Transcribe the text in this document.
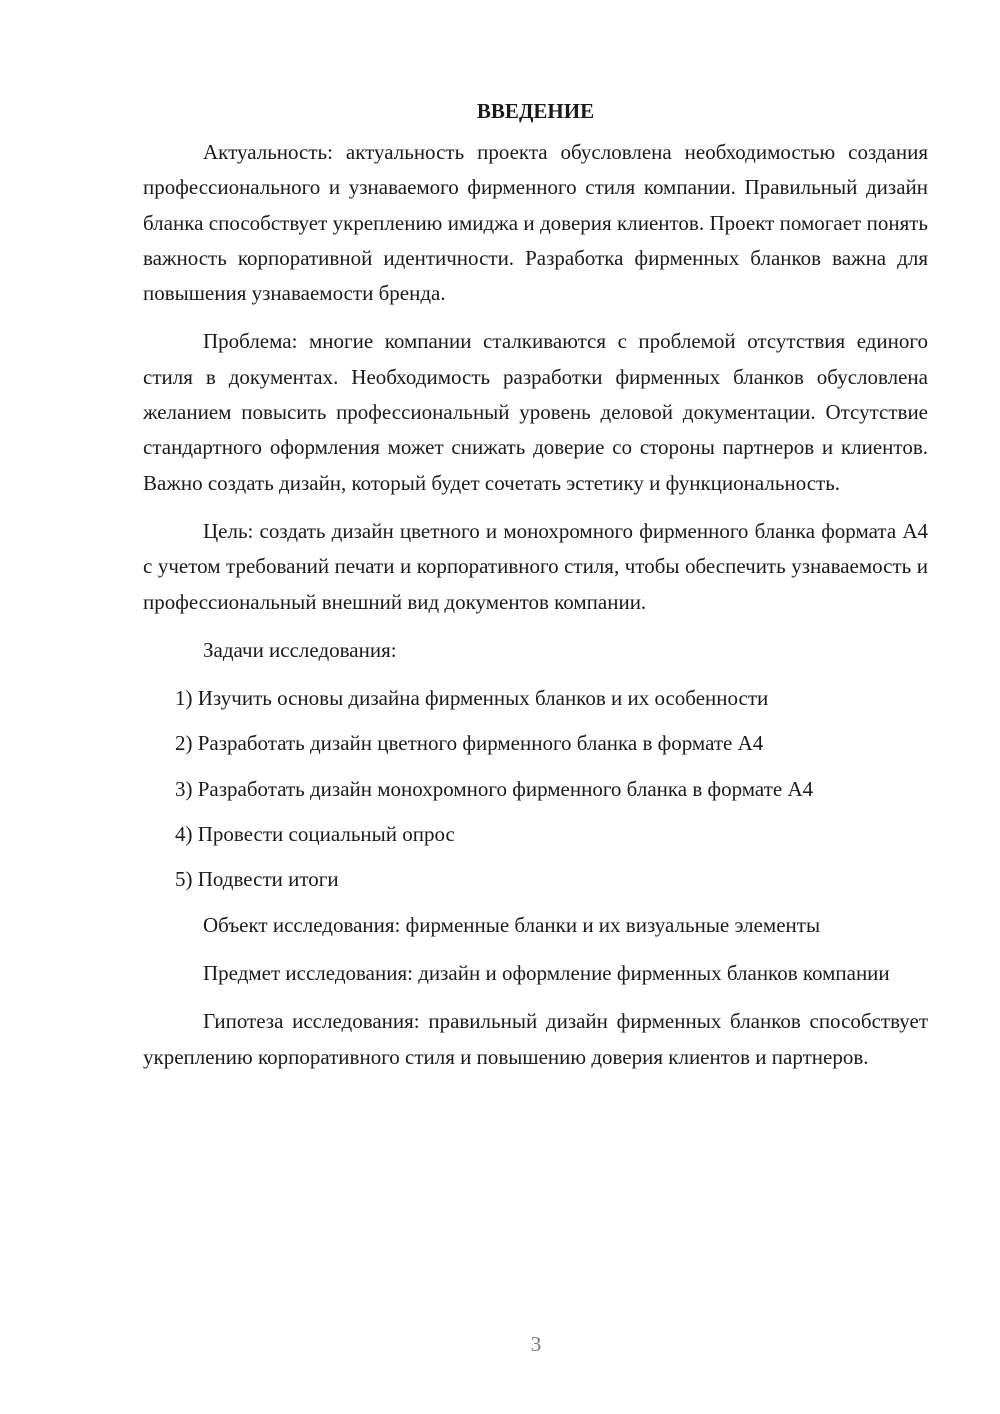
ВВЕДЕНИЕ

Актуальность: актуальность проекта обусловлена необходимостью создания профессионального и узнаваемого фирменного стиля компании. Правильный дизайн бланка способствует укреплению имиджа и доверия клиентов. Проект помогает понять важность корпоративной идентичности. Разработка фирменных бланков важна для повышения узнаваемости бренда.

Проблема: многие компании сталкиваются с проблемой отсутствия единого стиля в документах. Необходимость разработки фирменных бланков обусловлена желанием повысить профессиональный уровень деловой документации. Отсутствие стандартного оформления может снижать доверие со стороны партнеров и клиентов. Важно создать дизайн, который будет сочетать эстетику и функциональность.

Цель: создать дизайн цветного и монохромного фирменного бланка формата А4 с учетом требований печати и корпоративного стиля, чтобы обеспечить узнаваемость и профессиональный внешний вид документов компании.

Задачи исследования:

1) Изучить основы дизайна фирменных бланков и их особенности

2) Разработать дизайн цветного фирменного бланка в формате А4

3) Разработать дизайн монохромного фирменного бланка в формате А4

4) Провести социальный опрос

5) Подвести итоги

Объект исследования: фирменные бланки и их визуальные элементы

Предмет исследования: дизайн и оформление фирменных бланков компании

Гипотеза исследования: правильный дизайн фирменных бланков способствует укреплению корпоративного стиля и повышению доверия клиентов и партнеров.

3
